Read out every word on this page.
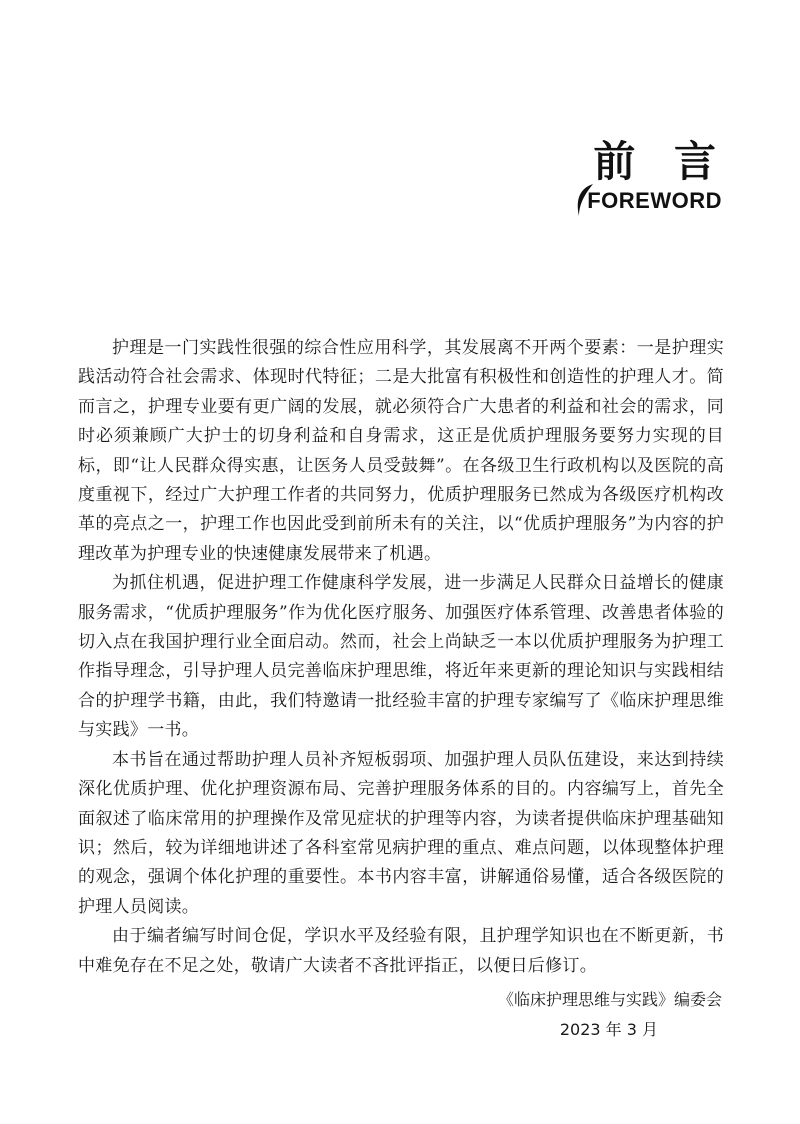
前 言
FOREWORD

护理是一门实践性很强的综合性应用科学，其发展离不开两个要素：一是护理实践活动符合社会需求、体现时代特征；二是大批富有积极性和创造性的护理人才。简而言之，护理专业要有更广阔的发展，就必须符合广大患者的利益和社会的需求，同时必须兼顾广大护士的切身利益和自身需求，这正是优质护理服务要努力实现的目标，即“让人民群众得实惠，让医务人员受鼓舞”。在各级卫生行政机构以及医院的高度重视下，经过广大护理工作者的共同努力，优质护理服务已然成为各级医疗机构改革的亮点之一，护理工作也因此受到前所未有的关注，以“优质护理服务”为内容的护理改革为护理专业的快速健康发展带来了机遇。

为抓住机遇，促进护理工作健康科学发展，进一步满足人民群众日益增长的健康服务需求，“优质护理服务”作为优化医疗服务、加强医疗体系管理、改善患者体验的切入点在我国护理行业全面启动。然而，社会上尚缺乏一本以优质护理服务为护理工作指导理念，引导护理人员完善临床护理思维，将近年来更新的理论知识与实践相结合的护理学书籍，由此，我们特邀请一批经验丰富的护理专家编写了《临床护理思维与实践》一书。

本书旨在通过帮助护理人员补齐短板弱项、加强护理人员队伍建设，来达到持续深化优质护理、优化护理资源布局、完善护理服务体系的目的。内容编写上，首先全面叙述了临床常用的护理操作及常见症状的护理等内容，为读者提供临床护理基础知识；然后，较为详细地讲述了各科室常见病护理的重点、难点问题，以体现整体护理的观念，强调个体化护理的重要性。本书内容丰富，讲解通俗易懂，适合各级医院的护理人员阅读。

由于编者编写时间仓促，学识水平及经验有限，且护理学知识也在不断更新，书中难免存在不足之处，敬请广大读者不吝批评指正，以便日后修订。

《临床护理思维与实践》编委会
2023 年 3 月
